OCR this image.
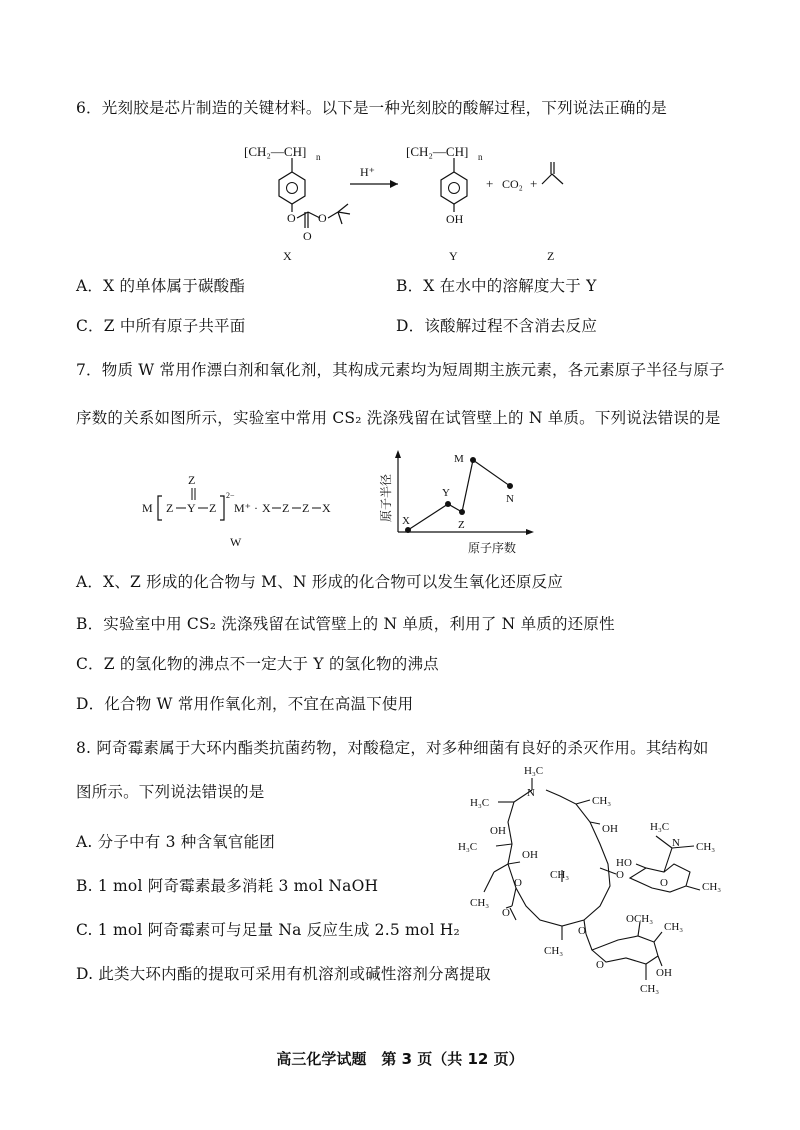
6．光刻胶是芯片制造的关键材料。以下是一种光刻胶的酸解过程，下列说法正确的是
[CH₂—CH] n
O
O
O
X
H⁺
[CH₂—CH] n
OH
Y
+ CO₂ +
Z
A．X 的单体属于碳酸酯	B．X 在水中的溶解度大于 Y
C．Z 中所有原子共平面	D．该酸解过程不含消去反应
7．物质 W 常用作漂白剂和氧化剂，其构成元素均为短周期主族元素，各元素原子半径与原子
序数的关系如图所示，实验室中常用 CS₂ 洗涤残留在试管壁上的 N 单质。下列说法错误的是
M Z Y
Z
Z
2−
M⁺ · X Z Z X
W
原子半径
原子序数
X
Y
Z
M
N
A．X、Z 形成的化合物与 M、N 形成的化合物可以发生氧化还原反应
B．实验室中用 CS₂ 洗涤残留在试管壁上的 N 单质，利用了 N 单质的还原性
C．Z 的氢化物的沸点不一定大于 Y 的氢化物的沸点
D．化合物 W 常用作氧化剂，不宜在高温下使用
8. 阿奇霉素属于大环内酯类抗菌药物，对酸稳定，对多种细菌有良好的杀灭作用。其结构如
图所示。下列说法错误的是
A. 分子中有 3 种含氧官能团
B. 1 mol 阿奇霉素最多消耗 3 mol NaOH
C. 1 mol 阿奇霉素可与足量 Na 反应生成 2.5 mol H₂
D. 此类大环内酯的提取可采用有机溶剂或碱性溶剂分离提取
H₃C
N
H₃C	CH₃
OH	OH
H₃C
OH
CH₃
O
CH₃
O
CH₃
O
O
H₃C
N CH₃
HO
O	CH₃
OCH₃
CH₃
OH
O
CH₃
高三化学试题　第 3 页（共 12 页）
